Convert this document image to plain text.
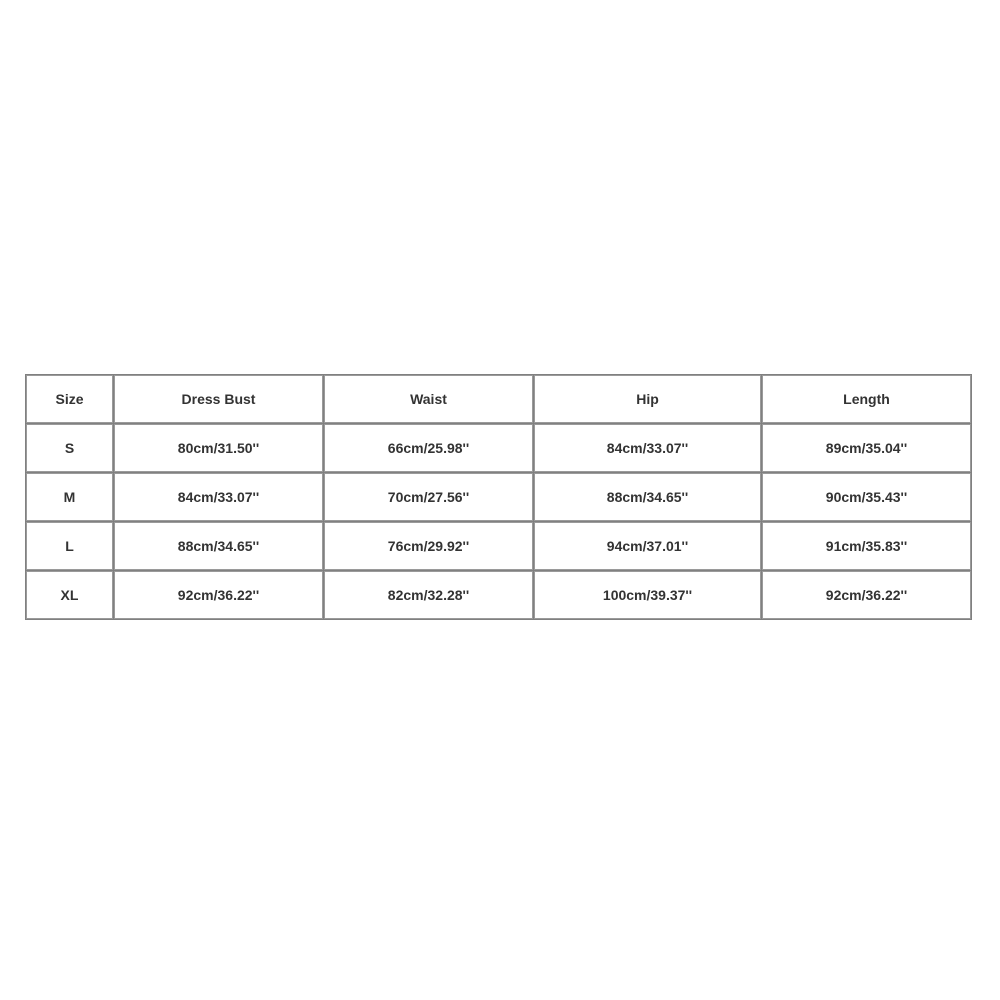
Size	Dress Bust	Waist	Hip	Length
S	80cm/31.50''	66cm/25.98''	84cm/33.07''	89cm/35.04''
M	84cm/33.07''	70cm/27.56''	88cm/34.65''	90cm/35.43''
L	88cm/34.65''	76cm/29.92''	94cm/37.01''	91cm/35.83''
XL	92cm/36.22''	82cm/32.28''	100cm/39.37''	92cm/36.22''
